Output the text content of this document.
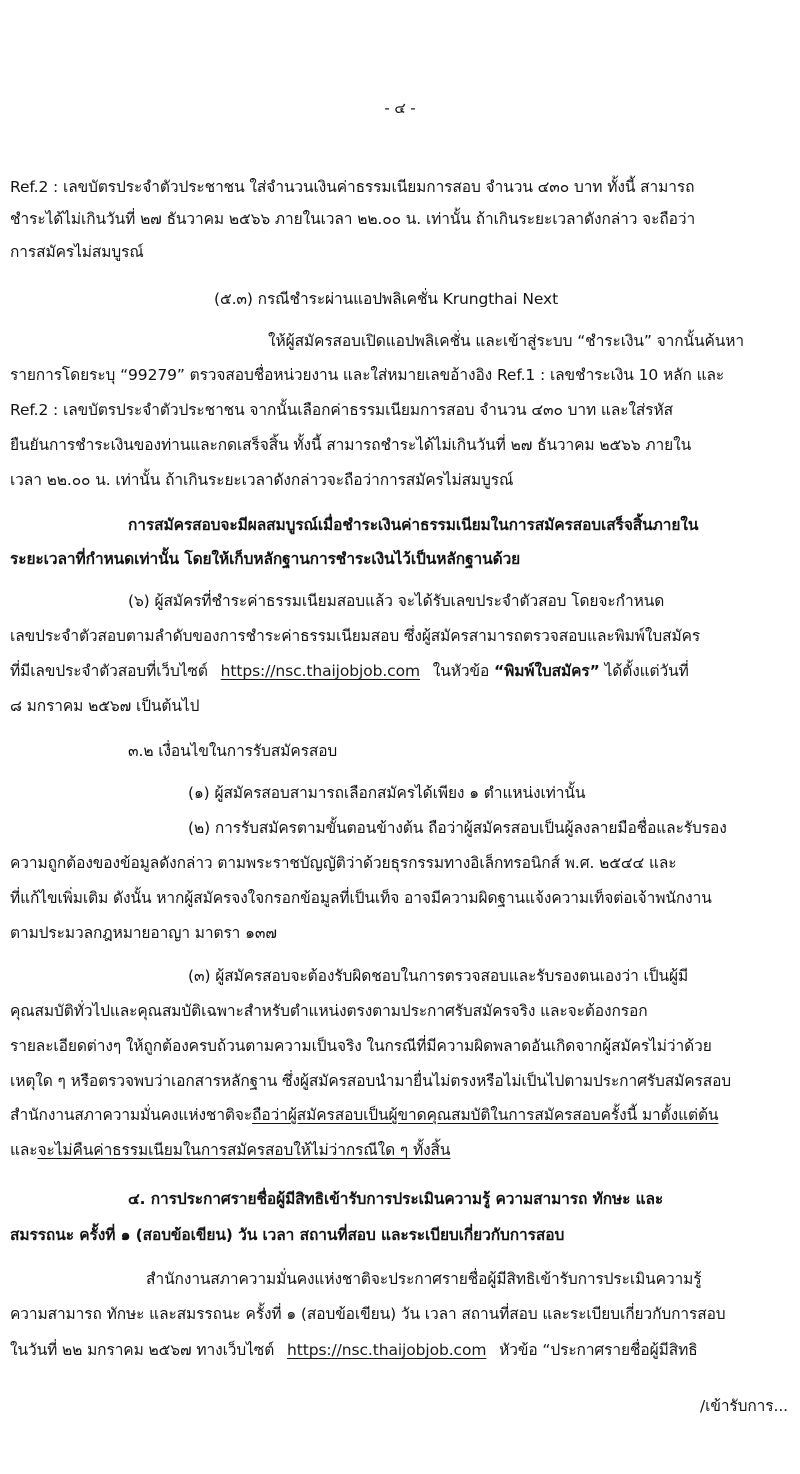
- ๔ -
Ref.2 : เลขบัตรประจำตัวประชาชน ใส่จำนวนเงินค่าธรรมเนียมการสอบ จำนวน ๔๓๐ บาท ทั้งนี้ สามารถ
ชำระได้ไม่เกินวันที่ ๒๗ ธันวาคม ๒๕๖๖ ภายในเวลา ๒๒.๐๐ น. เท่านั้น ถ้าเกินระยะเวลาดังกล่าว จะถือว่า
การสมัครไม่สมบูรณ์
(๕.๓) กรณีชำระผ่านแอปพลิเคชั่น Krungthai Next
ให้ผู้สมัครสอบเปิดแอปพลิเคชั่น และเข้าสู่ระบบ “ชำระเงิน” จากนั้นค้นหา
รายการโดยระบุ “99279” ตรวจสอบชื่อหน่วยงาน และใส่หมายเลขอ้างอิง Ref.1 : เลขชำระเงิน 10 หลัก และ
Ref.2 : เลขบัตรประจำตัวประชาชน จากนั้นเลือกค่าธรรมเนียมการสอบ จำนวน ๔๓๐ บาท และใส่รหัส
ยืนยันการชำระเงินของท่านและกดเสร็จสิ้น ทั้งนี้ สามารถชำระได้ไม่เกินวันที่ ๒๗ ธันวาคม ๒๕๖๖ ภายใน
เวลา ๒๒.๐๐ น. เท่านั้น ถ้าเกินระยะเวลาดังกล่าวจะถือว่าการสมัครไม่สมบูรณ์
การสมัครสอบจะมีผลสมบูรณ์เมื่อชำระเงินค่าธรรมเนียมในการสมัครสอบเสร็จสิ้นภายใน
ระยะเวลาที่กำหนดเท่านั้น โดยให้เก็บหลักฐานการชำระเงินไว้เป็นหลักฐานด้วย
(๖) ผู้สมัครที่ชำระค่าธรรมเนียมสอบแล้ว จะได้รับเลขประจำตัวสอบ โดยจะกำหนด
เลขประจำตัวสอบตามลำดับของการชำระค่าธรรมเนียมสอบ ซึ่งผู้สมัครสามารถตรวจสอบและพิมพ์ใบสมัคร
ที่มีเลขประจำตัวสอบที่เว็บไซต์ https://nsc.thaijobjob.com ในหัวข้อ “พิมพ์ใบสมัคร” ได้ตั้งแต่วันที่
๘ มกราคม ๒๕๖๗ เป็นต้นไป
๓.๒ เงื่อนไขในการรับสมัครสอบ
(๑) ผู้สมัครสอบสามารถเลือกสมัครได้เพียง ๑ ตำแหน่งเท่านั้น
(๒) การรับสมัครตามขั้นตอนข้างต้น ถือว่าผู้สมัครสอบเป็นผู้ลงลายมือชื่อและรับรอง
ความถูกต้องของข้อมูลดังกล่าว ตามพระราชบัญญัติว่าด้วยธุรกรรมทางอิเล็กทรอนิกส์ พ.ศ. ๒๕๔๔ และ
ที่แก้ไขเพิ่มเติม ดังนั้น หากผู้สมัครจงใจกรอกข้อมูลที่เป็นเท็จ อาจมีความผิดฐานแจ้งความเท็จต่อเจ้าพนักงาน
ตามประมวลกฎหมายอาญา มาตรา ๑๓๗
(๓) ผู้สมัครสอบจะต้องรับผิดชอบในการตรวจสอบและรับรองตนเองว่า เป็นผู้มี
คุณสมบัติทั่วไปและคุณสมบัติเฉพาะสำหรับตำแหน่งตรงตามประกาศรับสมัครจริง และจะต้องกรอก
รายละเอียดต่างๆ ให้ถูกต้องครบถ้วนตามความเป็นจริง ในกรณีที่มีความผิดพลาดอันเกิดจากผู้สมัครไม่ว่าด้วย
เหตุใด ๆ หรือตรวจพบว่าเอกสารหลักฐาน ซึ่งผู้สมัครสอบนำมายื่นไม่ตรงหรือไม่เป็นไปตามประกาศรับสมัครสอบ
สำนักงานสภาความมั่นคงแห่งชาติจะถือว่าผู้สมัครสอบเป็นผู้ขาดคุณสมบัติในการสมัครสอบครั้งนี้ มาตั้งแต่ต้น
และจะไม่คืนค่าธรรมเนียมในการสมัครสอบให้ไม่ว่ากรณีใด ๆ ทั้งสิ้น
๔. การประกาศรายชื่อผู้มีสิทธิเข้ารับการประเมินความรู้ ความสามารถ ทักษะ และ
สมรรถนะ ครั้งที่ ๑ (สอบข้อเขียน) วัน เวลา สถานที่สอบ และระเบียบเกี่ยวกับการสอบ
สำนักงานสภาความมั่นคงแห่งชาติจะประกาศรายชื่อผู้มีสิทธิเข้ารับการประเมินความรู้
ความสามารถ ทักษะ และสมรรถนะ ครั้งที่ ๑ (สอบข้อเขียน) วัน เวลา สถานที่สอบ และระเบียบเกี่ยวกับการสอบ
ในวันที่ ๒๒ มกราคม ๒๕๖๗ ทางเว็บไซต์ https://nsc.thaijobjob.com หัวข้อ “ประกาศรายชื่อผู้มีสิทธิ
/เข้ารับการ...
